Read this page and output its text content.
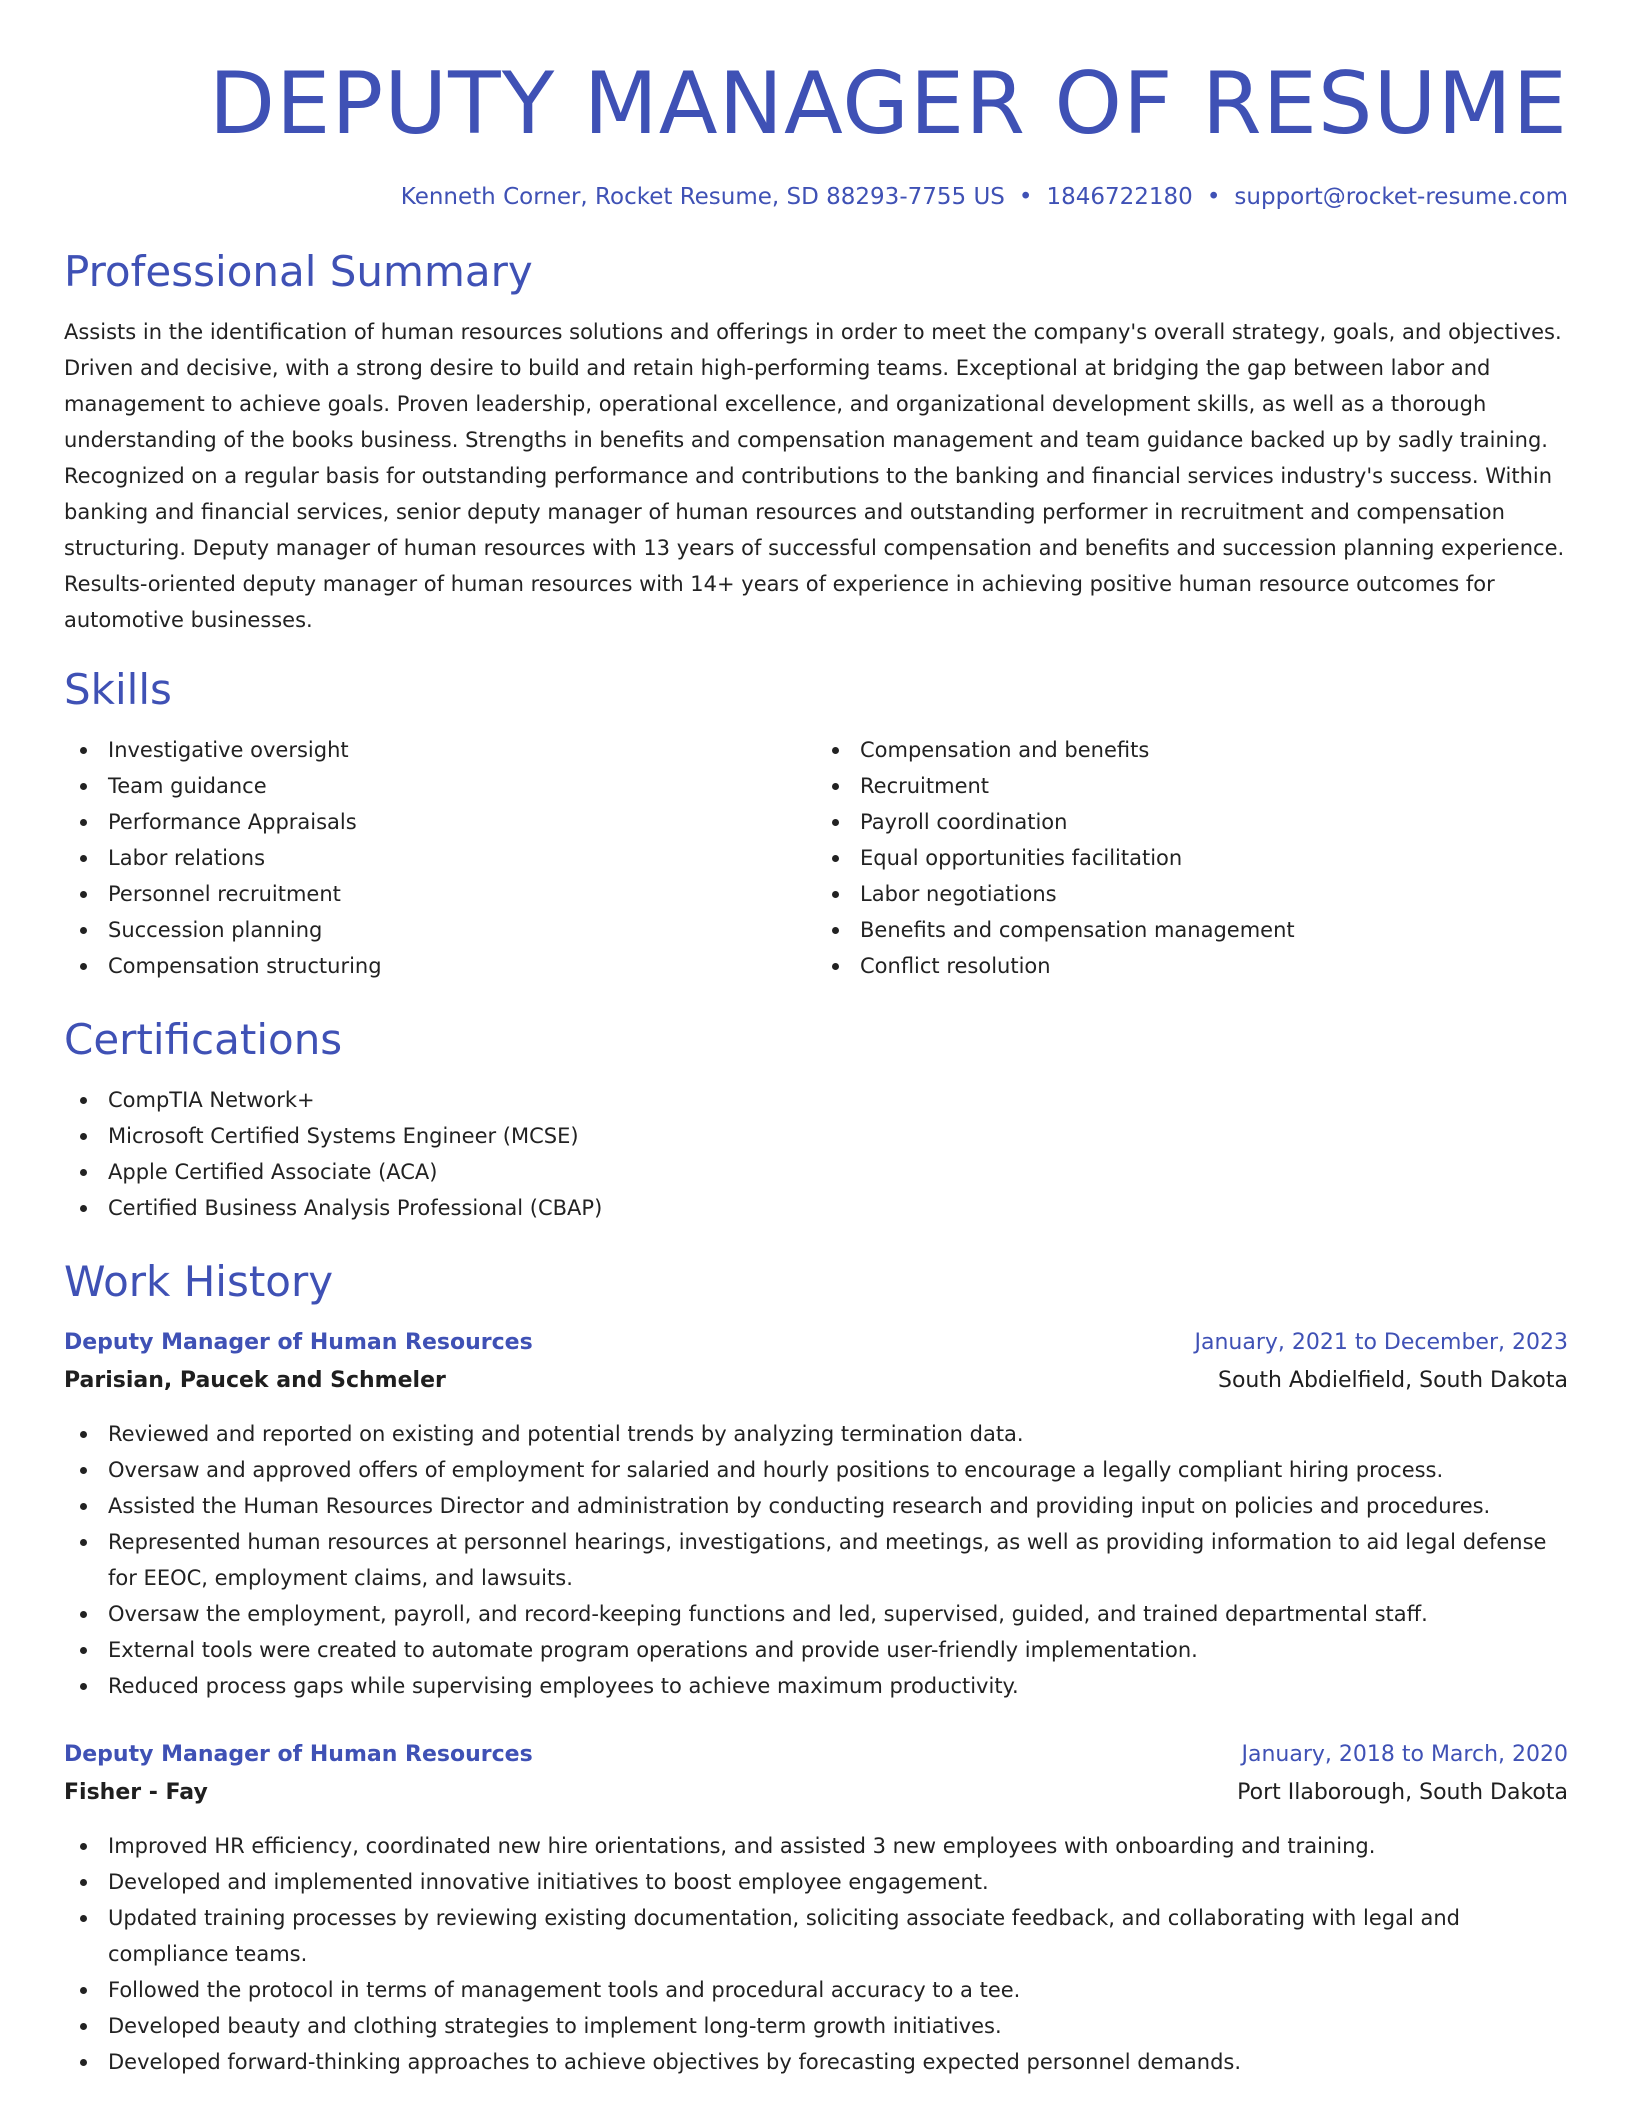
DEPUTY MANAGER OF RESUME
Kenneth Corner, Rocket Resume, SD 88293-7755 US • 1846722180 • support@rocket-resume.com
Professional Summary

Assists in the identification of human resources solutions and offerings in order to meet the company's overall strategy, goals, and objectives. Driven and decisive, with a strong desire to build and retain high-performing teams. Exceptional at bridging the gap between labor and management to achieve goals. Proven leadership, operational excellence, and organizational development skills, as well as a thorough understanding of the books business. Strengths in benefits and compensation management and team guidance backed up by sadly training. Recognized on a regular basis for outstanding performance and contributions to the banking and financial services industry's success. Within banking and financial services, senior deputy manager of human resources and outstanding performer in recruitment and compensation structuring. Deputy manager of human resources with 13 years of successful compensation and benefits and succession planning experience. Results-oriented deputy manager of human resources with 14+ years of experience in achieving positive human resource outcomes for automotive businesses.

Skills
Investigative oversight
Team guidance
Performance Appraisals
Labor relations
Personnel recruitment
Succession planning
Compensation structuring
Compensation and benefits
Recruitment
Payroll coordination
Equal opportunities facilitation
Labor negotiations
Benefits and compensation management
Conflict resolution
Certifications
CompTIA Network+
Microsoft Certified Systems Engineer (MCSE)
Apple Certified Associate (ACA)
Certified Business Analysis Professional (CBAP)
Work History
Deputy Manager of Human Resources	January, 2021 to December, 2023
Parisian, Paucek and Schmeler	South Abdielfield, South Dakota
Reviewed and reported on existing and potential trends by analyzing termination data.
Oversaw and approved offers of employment for salaried and hourly positions to encourage a legally compliant hiring process.
Assisted the Human Resources Director and administration by conducting research and providing input on policies and procedures.
Represented human resources at personnel hearings, investigations, and meetings, as well as providing information to aid legal defense for EEOC, employment claims, and lawsuits.
Oversaw the employment, payroll, and record-keeping functions and led, supervised, guided, and trained departmental staff.
External tools were created to automate program operations and provide user-friendly implementation.
Reduced process gaps while supervising employees to achieve maximum productivity.
Deputy Manager of Human Resources	January, 2018 to March, 2020
Fisher - Fay	Port Ilaborough, South Dakota
Improved HR efficiency, coordinated new hire orientations, and assisted 3 new employees with onboarding and training.
Developed and implemented innovative initiatives to boost employee engagement.
Updated training processes by reviewing existing documentation, soliciting associate feedback, and collaborating with legal and compliance teams.
Followed the protocol in terms of management tools and procedural accuracy to a tee.
Developed beauty and clothing strategies to implement long-term growth initiatives.
Developed forward-thinking approaches to achieve objectives by forecasting expected personnel demands.
